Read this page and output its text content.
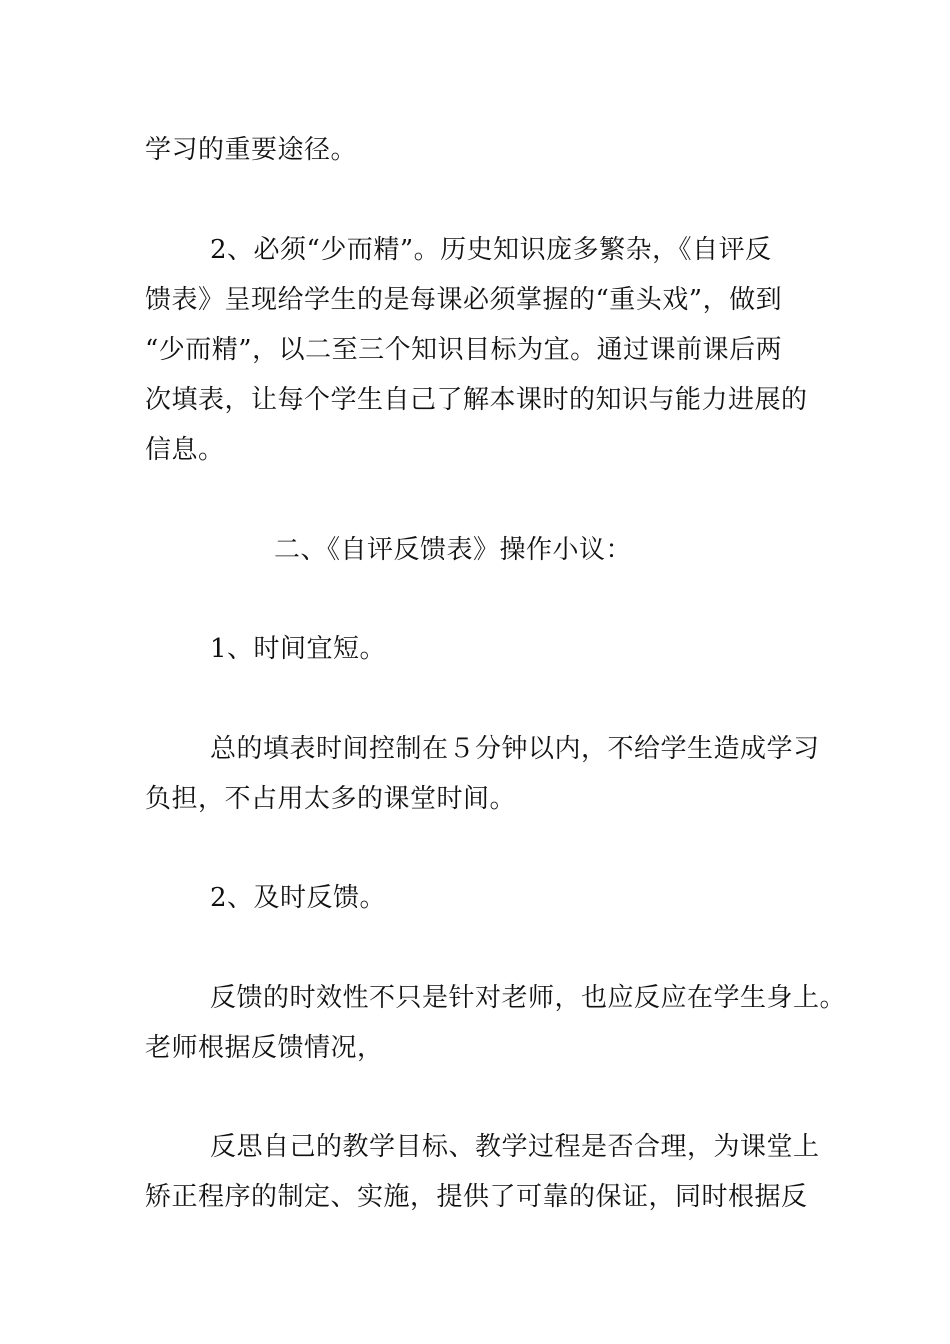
学习的重要途径。
2、必须“少而精”。历史知识庞多繁杂，《自评反
馈表》呈现给学生的是每课必须掌握的“重头戏”，做到
“少而精”，以二至三个知识目标为宜。通过课前课后两
次填表，让每个学生自己了解本课时的知识与能力进展的
信息。
二、《自评反馈表》操作小议：
1、时间宜短。
总的填表时间控制在５分钟以内，不给学生造成学习
负担，不占用太多的课堂时间。
2、及时反馈。
反馈的时效性不只是针对老师，也应反应在学生身上。
老师根据反馈情况，
反思自己的教学目标、教学过程是否合理，为课堂上
矫正程序的制定、实施，提供了可靠的保证，同时根据反
